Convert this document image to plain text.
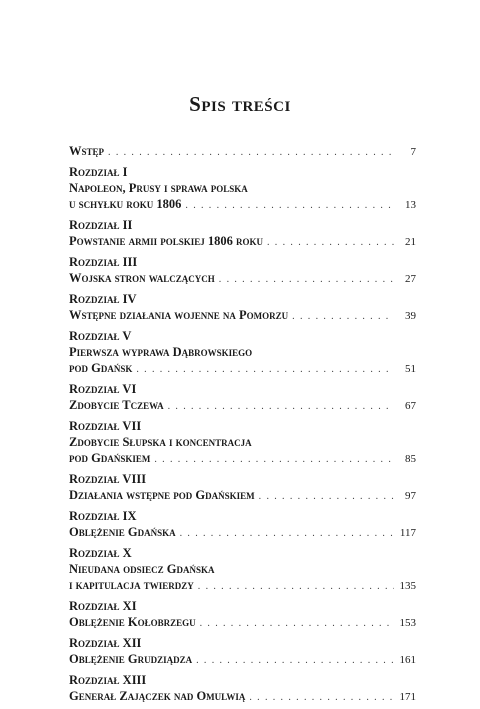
Spis treści
Wstęp . . .	7
Rozdział I
Napoleon, Prusy i sprawa polska
u schyłku roku 1806 . . .	13
Rozdział II
Powstanie armii polskiej 1806 roku . . .	21
Rozdział III
Wojska stron walczących . . .	27
Rozdział IV
Wstępne działania wojenne na Pomorzu . . .	39
Rozdział V
Pierwsza wyprawa Dąbrowskiego
pod Gdańsk . . .	51
Rozdział VI
Zdobycie Tczewa . . .	67
Rozdział VII
Zdobycie Słupska i koncentracja
pod Gdańskiem . . .	85
Rozdział VIII
Działania wstępne pod Gdańskiem . . .	97
Rozdział IX
Oblężenie Gdańska . . .	117
Rozdział X
Nieudana odsiecz Gdańska
i kapitulacja twierdzy . . .	135
Rozdział XI
Oblężenie Kołobrzegu . . .	153
Rozdział XII
Oblężenie Grudziądza . . .	161
Rozdział XIII
Generał Zajączek nad Omulwią . . .	171
